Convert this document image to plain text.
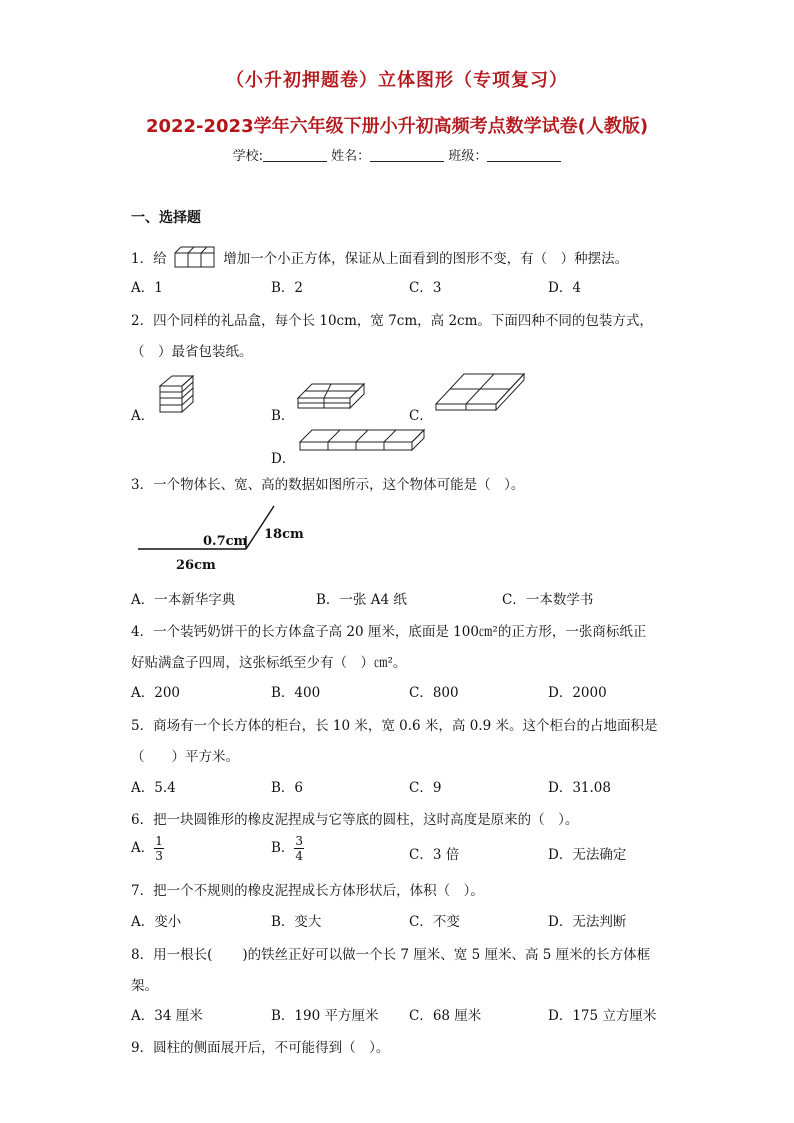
（小升初押题卷）立体图形（专项复习）
2022-2023学年六年级下册小升初高频考点数学试卷(人教版)
学校:	姓名：	班级：
一、选择题
1．给	增加一个小正方体，保证从上面看到的图形不变，有（　）种摆法。
A．1	B．2	C．3	D．4
2．四个同样的礼品盒，每个长 10cm，宽 7cm，高 2cm。下面四种不同的包装方式，
（　）最省包装纸。
A．	B．	C．
D．
3．一个物体长、宽、高的数据如图所示，这个物体可能是（　）。
0.7cm 18cm
26cm
A．一本新华字典	B．一张 A4 纸	C．一本数学书
4．一个装钙奶饼干的长方体盒子高 20 厘米，底面是 100㎝²的正方形，一张商标纸正
好贴满盒子四周，这张标纸至少有（　）㎝²。
A．200	B．400	C．800	D．2000
5．商场有一个长方体的柜台，长 10 米，宽 0.6 米，高 0.9 米。这个柜台的占地面积是
（　　）平方米。
A．5.4	B．6	C．9	D．31.08
6．把一块圆锥形的橡皮泥捏成与它等底的圆柱，这时高度是原来的（　）。
A． $\frac{1}{3}$	B． $\frac{3}{4}$	C．3 倍	D．无法确定
7．把一个不规则的橡皮泥捏成长方体形状后，体积（　）。
A．变小	B．变大	C．不变	D．无法判断
8．用一根长( )的铁丝正好可以做一个长 7 厘米、宽 5 厘米、高 5 厘米的长方体框
架。
A．34 厘米	B．190 平方厘米 C．68 厘米	D．175 立方厘米
9．圆柱的侧面展开后，不可能得到（　）。
